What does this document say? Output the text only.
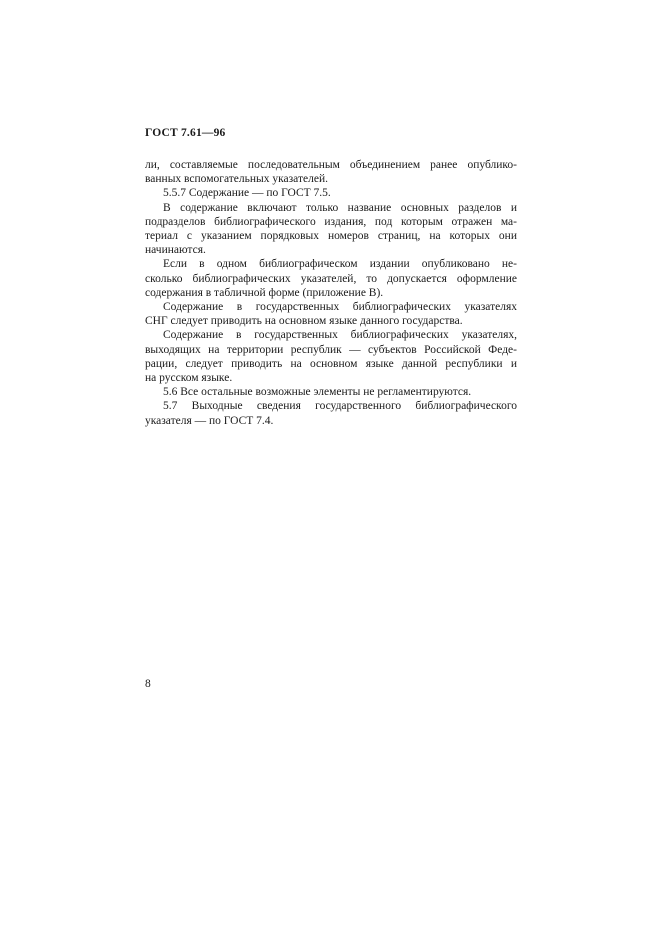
ГОСТ 7.61—96
ли, составляемые последовательным объединением ранее опублико-
ванных вспомогательных указателей.
5.5.7 Содержание — по ГОСТ 7.5.
В содержание включают только название основных разделов и
подразделов библиографического издания, под которым отражен ма-
териал с указанием порядковых номеров страниц, на которых они
начинаются.
Если в одном библиографическом издании опубликовано не-
сколько библиографических указателей, то допускается оформление
содержания в табличной форме (приложение В).
Содержание в государственных библиографических указателях
СНГ следует приводить на основном языке данного государства.
Содержание в государственных библиографических указателях,
выходящих на территории республик — субъектов Российской Феде-
рации, следует приводить на основном языке данной республики и
на русском языке.
5.6 Все остальные возможные элементы не регламентируются.
5.7 Выходные сведения государственного библиографического
указателя — по ГОСТ 7.4.
8
